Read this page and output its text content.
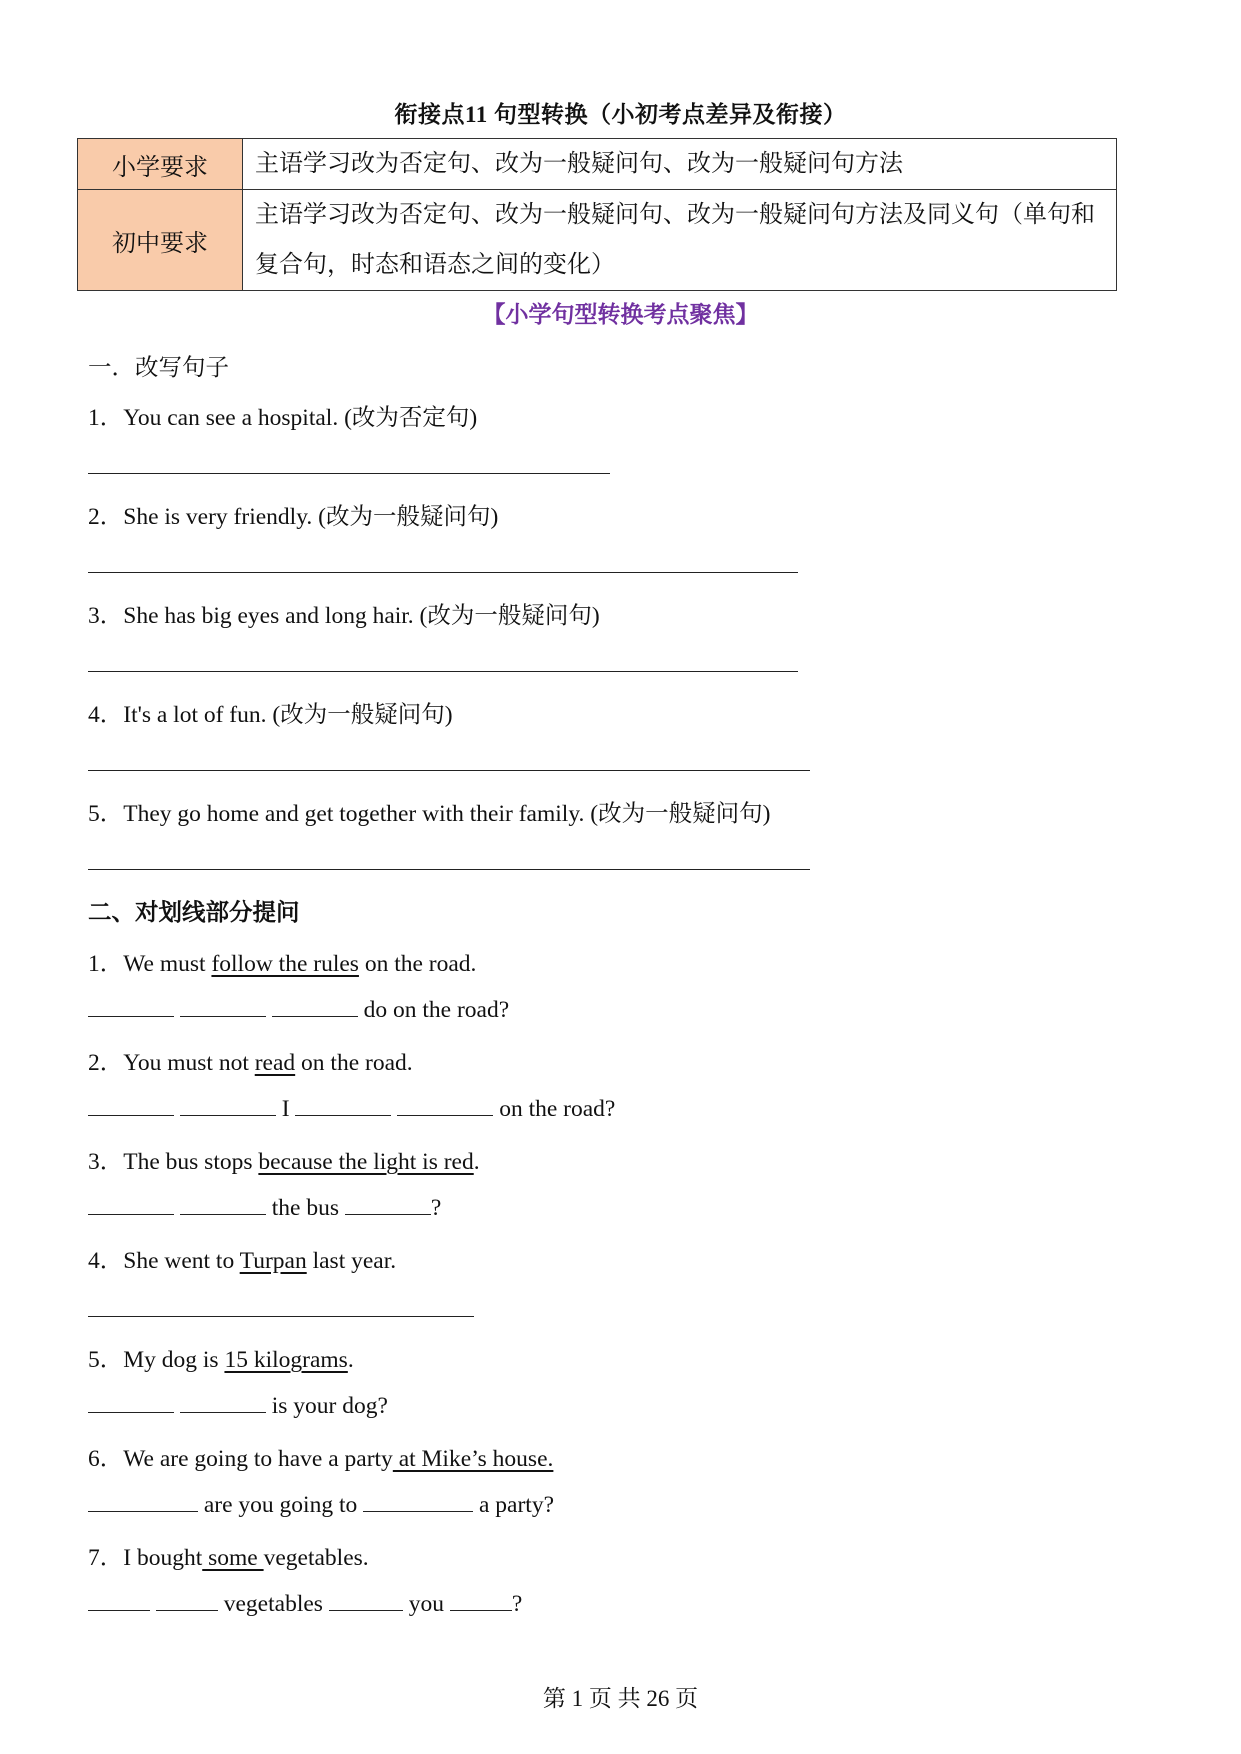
衔接点11 句型转换（小初考点差异及衔接）
小学要求	主语学习改为否定句、改为一般疑问句、改为一般疑问句方法
初中要求	主语学习改为否定句、改为一般疑问句、改为一般疑问句方法及同义句（单句和复合句，时态和语态之间的变化）
【小学句型转换考点聚焦】
一．改写句子
1．You can see a hospital. (改为否定句)
2．She is very friendly. (改为一般疑问句)
3．She has big eyes and long hair. (改为一般疑问句)
4．It's a lot of fun. (改为一般疑问句)
5．They go home and get together with their family. (改为一般疑问句)
二、对划线部分提问
1．We must follow the rules on the road.
do on the road?
2．You must not read on the road.
I	on the road?
3．The bus stops because the light is red.
the bus	?
4．She went to Turpan last year.
5．My dog is 15 kilograms.
is your dog?
6．We are going to have a party at Mike’s house.
are you going to	a party?
7．I bought some vegetables.
vegetables	you	?
第 1 页 共 26 页
